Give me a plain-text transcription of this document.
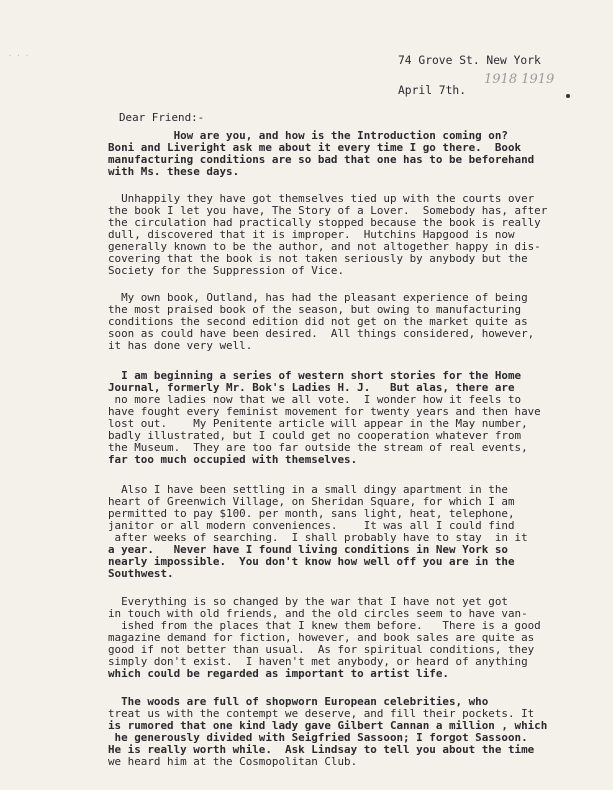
· · ·	74 Grove St. New York
April 7th.
1918 1919
Dear Friend:-
How are you, and how is the Introduction coming on?
Boni and Liveright ask me about it every time I go there.  Book
manufacturing conditions are so bad that one has to be beforehand
with Ms. these days.
Unhappily they have got themselves tied up with the courts over
the book I let you have, The Story of a Lover.  Somebody has, after
the circulation had practically stopped because the book is really
dull, discovered that it is improper.  Hutchins Hapgood is now
generally known to be the author, and not altogether happy in dis-
covering that the book is not taken seriously by anybody but the
Society for the Suppression of Vice.
My own book, Outland, has had the pleasant experience of being
the most praised book of the season, but owing to manufacturing
conditions the second edition did not get on the market quite as
soon as could have been desired.  All things considered, however,
it has done very well.
I am beginning a series of western short stories for the Home
Journal, formerly Mr. Bok's Ladies H. J.   But alas, there are
no more ladies now that we all vote.  I wonder how it feels to
have fought every feminist movement for twenty years and then have
lost out.    My Penitente article will appear in the May number,
badly illustrated, but I could get no cooperation whatever from
the Museum.  They are too far outside the stream of real events,
far too much occupied with themselves.
Also I have been settling in a small dingy apartment in the
heart of Greenwich Village, on Sheridan Square, for which I am
permitted to pay $100. per month, sans light, heat, telephone,
janitor or all modern conveniences.    It was all I could find
after weeks of searching.  I shall probably have to stay  in it
a year.   Never have I found living conditions in New York so
nearly impossible.  You don't know how well off you are in the
Southwest.
Everything is so changed by the war that I have not yet got
in touch with old friends, and the old circles seem to have van-
ished from the places that I knew them before.   There is a good
magazine demand for fiction, however, and book sales are quite as
good if not better than usual.  As for spiritual conditions, they
simply don't exist.  I haven't met anybody, or heard of anything
which could be regarded as important to artist life.
The woods are full of shopworn European celebrities, who
treat us with the contempt we deserve, and fill their pockets. It
is rumored that one kind lady gave Gilbert Cannan a million , which
he generously divided with Seigfried Sassoon; I forgot Sassoon.
He is really worth while.  Ask Lindsay to tell you about the time
we heard him at the Cosmopolitan Club.
